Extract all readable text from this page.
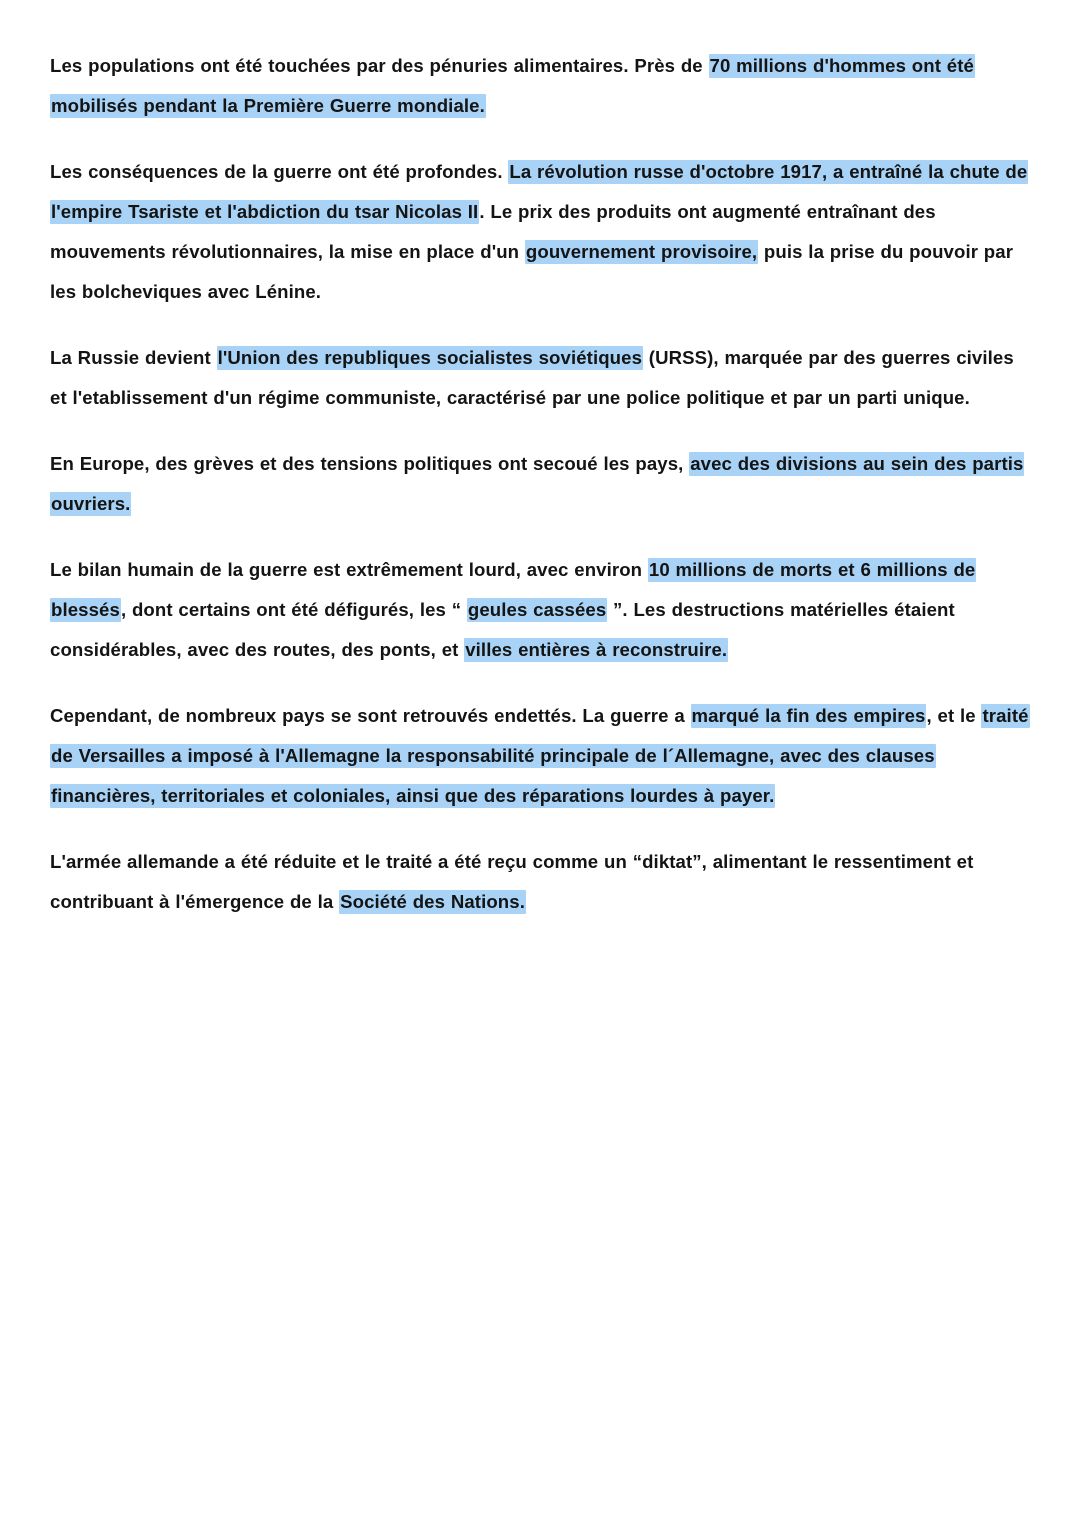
Les populations ont été touchées par des pénuries alimentaires. Près de 70 millions d'hommes ont été mobilisés pendant la Première Guerre mondiale.

Les conséquences de la guerre ont été profondes. La révolution russe d'octobre 1917, a entraîné la chute de l'empire Tsariste et l'abdiction du tsar Nicolas II. Le prix des produits ont augmenté entraînant des mouvements révolutionnaires, la mise en place d'un gouvernement provisoire, puis la prise du pouvoir par les bolcheviques avec Lénine.

La Russie devient l'Union des republiques socialistes soviétiques (URSS), marquée par des guerres civiles et l'etablissement d'un régime communiste, caractérisé par une police politique et par un parti unique.

En Europe, des grèves et des tensions politiques ont secoué les pays, avec des divisions au sein des partis ouvriers.

Le bilan humain de la guerre est extrêmement lourd, avec environ 10 millions de morts et 6 millions de blessés, dont certains ont été défigurés, les “ geules cassées ”. Les destructions matérielles étaient considérables, avec des routes, des ponts, et villes entières à reconstruire.

Cependant, de nombreux pays se sont retrouvés endettés. La guerre a marqué la fin des empires, et le traité de Versailles a imposé à l'Allemagne la responsabilité principale de l´Allemagne, avec des clauses financières, territoriales et coloniales, ainsi que des réparations lourdes à payer.

L'armée allemande a été réduite et le traité a été reçu comme un “diktat”, alimentant le ressentiment et contribuant à l'émergence de la Société des Nations.
